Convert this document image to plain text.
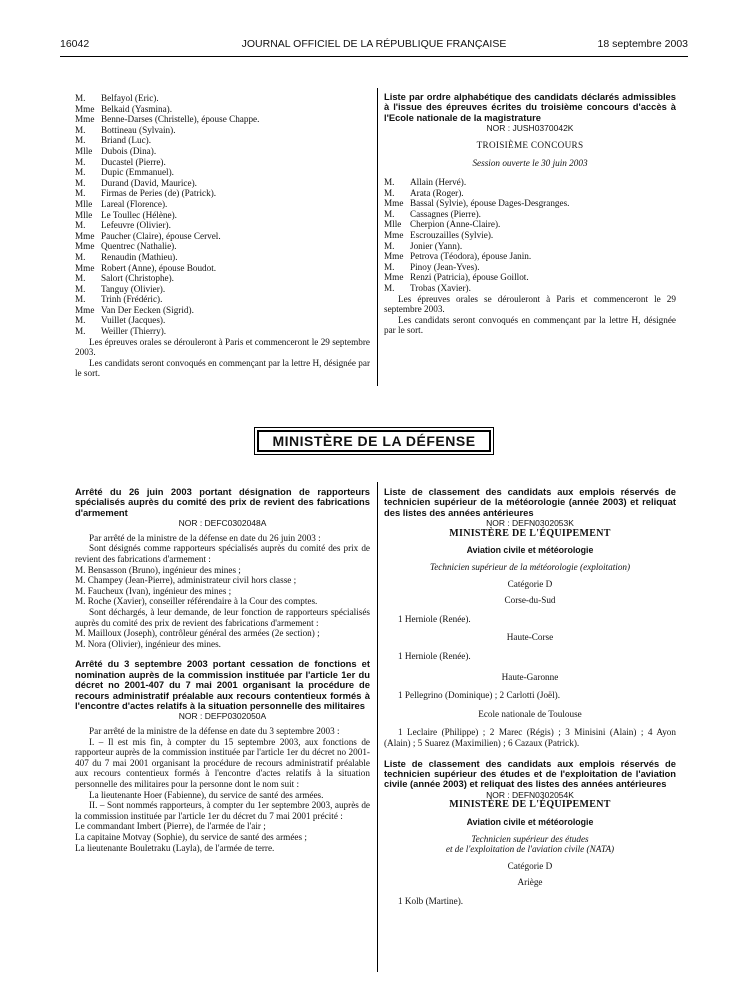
16042	JOURNAL OFFICIEL DE LA RÉPUBLIQUE FRANÇAISE	18 septembre 2003

M. Belfayol (Eric).

Mme Belkaid (Yasmina).

Mme Benne-Darses (Christelle), épouse Chappe.

M. Bottineau (Sylvain).

M. Briand (Luc).

Mlle Dubois (Dina).

M. Ducastel (Pierre).

M. Dupic (Emmanuel).

M. Durand (David, Maurice).

M. Firmas de Peries (de) (Patrick).

Mlle Lareal (Florence).

Mlle Le Toullec (Hélène).

M. Lefeuvre (Olivier).

Mme Paucher (Claire), épouse Cervel.

Mme Quentrec (Nathalie).

M. Renaudin (Mathieu).

Mme Robert (Anne), épouse Boudot.

M. Salort (Christophe).

M. Tanguy (Olivier).

M. Trinh (Frédéric).

Mme Van Der Eecken (Sigrid).

M. Vuillet (Jacques).

M. Weiller (Thierry).

Les épreuves orales se dérouleront à Paris et commenceront le 29 septembre 2003.

Les candidats seront convoqués en commençant par la lettre H, désignée par le sort.

Liste par ordre alphabétique des candidats déclarés admissibles à l'issue des épreuves écrites du troisième concours d'accès à l'Ecole nationale de la magistrature

NOR : JUSH0370042K

TROISIÈME CONCOURS

Session ouverte le 30 juin 2003

M. Allain (Hervé).

M. Arata (Roger).

Mme Bassal (Sylvie), épouse Dages-Desgranges.

M. Cassagnes (Pierre).

Mlle Cherpion (Anne-Claire).

Mme Escrouzailles (Sylvie).

M. Jonier (Yann).

Mme Petrova (Téodora), épouse Janin.

M. Pinoy (Jean-Yves).

Mme Renzi (Patricia), épouse Goillot.

M. Trobas (Xavier).

Les épreuves orales se dérouleront à Paris et commenceront le 29 septembre 2003.

Les candidats seront convoqués en commençant par la lettre H, désignée par le sort.

MINISTÈRE DE LA DÉFENSE

Arrêté du 26 juin 2003 portant désignation de rapporteurs spécialisés auprès du comité des prix de revient des fabrications d'armement

NOR : DEFC0302048A

Par arrêté de la ministre de la défense en date du 26 juin 2003 :

Sont désignés comme rapporteurs spécialisés auprès du comité des prix de revient des fabrications d'armement :

M. Bensasson (Bruno), ingénieur des mines ;

M. Champey (Jean-Pierre), administrateur civil hors classe ;

M. Faucheux (Ivan), ingénieur des mines ;

M. Roche (Xavier), conseiller référendaire à la Cour des comptes.

Sont déchargés, à leur demande, de leur fonction de rapporteurs spécialisés auprès du comité des prix de revient des fabrications d'armement :

M. Mailloux (Joseph), contrôleur général des armées (2e section) ;

M. Nora (Olivier), ingénieur des mines.

Arrêté du 3 septembre 2003 portant cessation de fonctions et nomination auprès de la commission instituée par l'article 1er du décret no 2001-407 du 7 mai 2001 organisant la procédure de recours administratif préalable aux recours contentieux formés à l'encontre d'actes relatifs à la situation personnelle des militaires

NOR : DEFP0302050A

Par arrêté de la ministre de la défense en date du 3 septembre 2003 :

I. – Il est mis fin, à compter du 15 septembre 2003, aux fonctions de rapporteur auprès de la commission instituée par l'article 1er du décret no 2001-407 du 7 mai 2001 organisant la procédure de recours administratif préalable aux recours contentieux formés à l'encontre d'actes relatifs à la situation personnelle des militaires pour la personne dont le nom suit :

La lieutenante Hoer (Fabienne), du service de santé des armées.

II. – Sont nommés rapporteurs, à compter du 1er septembre 2003, auprès de la commission instituée par l'article 1er du décret du 7 mai 2001 précité :

Le commandant Imbert (Pierre), de l'armée de l'air ;

La capitaine Motvay (Sophie), du service de santé des armées ;

La lieutenante Bouletraku (Layla), de l'armée de terre.

Liste de classement des candidats aux emplois réservés de technicien supérieur de la météorologie (année 2003) et reliquat des listes des années antérieures

NOR : DEFN0302053K

MINISTÈRE DE L'ÉQUIPEMENT

Aviation civile et météorologie

Technicien supérieur de la météorologie (exploitation)

Catégorie D

Corse-du-Sud

1 Herniole (Renée).

Haute-Corse

1 Herniole (Renée).

Haute-Garonne

1 Pellegrino (Dominique) ; 2 Carlotti (Joël).

Ecole nationale de Toulouse

1 Leclaire (Philippe) ; 2 Marec (Régis) ; 3 Minisini (Alain) ; 4 Ayon (Alain) ; 5 Suarez (Maximilien) ; 6 Cazaux (Patrick).

Liste de classement des candidats aux emplois réservés de technicien supérieur des études et de l'exploitation de l'aviation civile (année 2003) et reliquat des listes des années antérieures

NOR : DEFN0302054K

MINISTÈRE DE L'ÉQUIPEMENT

Aviation civile et météorologie

Technicien supérieur des études

et de l'exploitation de l'aviation civile (NATA)

Catégorie D

Ariège

1 Kolb (Martine).
